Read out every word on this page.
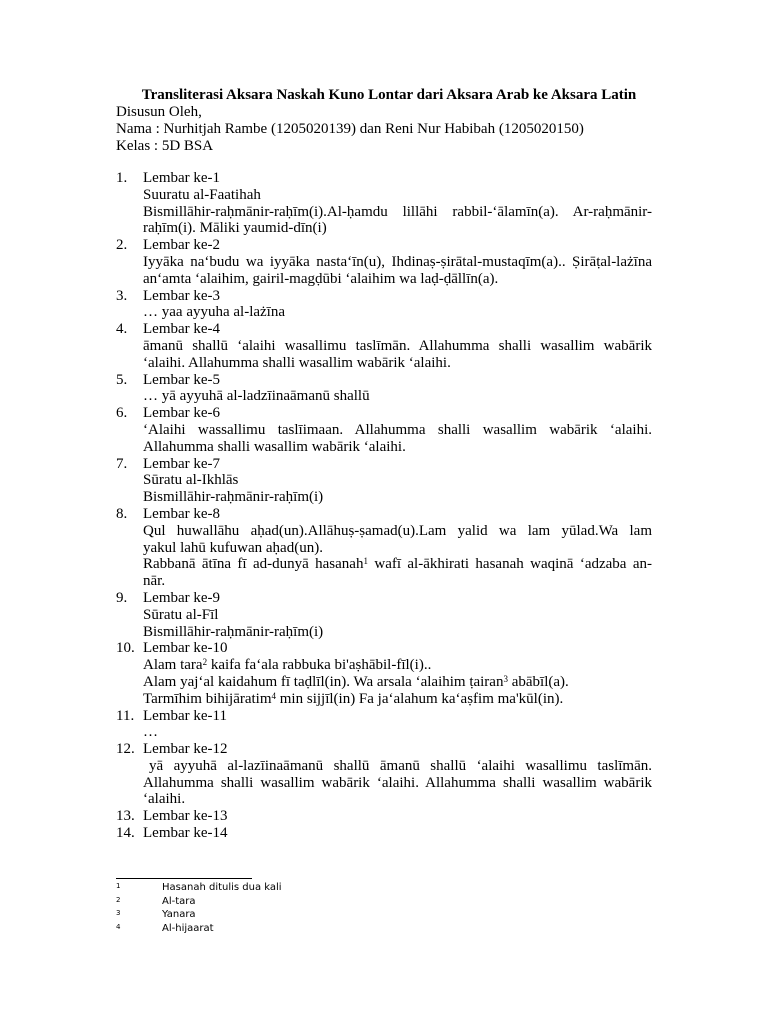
Transliterasi Aksara Naskah Kuno Lontar dari Aksara Arab ke Aksara Latin
Disusun Oleh,
Nama : Nurhitjah Rambe (1205020139) dan Reni Nur Habibah (1205020150)
Kelas : 5D BSA
1.	Lembar ke-1
Suuratu al-Faatihah
Bismillāhir-raḥmānir-raḥīm(i).Al-ḥamdu lillāhi rabbil-‘ālamīn(a). Ar-raḥmānir-
raḥīm(i). Māliki yaumid-dīn(i)
2.	Lembar ke-2
Iyyāka na‘budu wa iyyāka nasta‘īn(u), Ihdinaṣ-ṣirātal-mustaqīm(a).. Ṣirāṭal-lażīna
an‘amta ‘alaihim, gairil-magḍūbi ‘alaihim wa laḍ-ḍāllīn(a).
3.	Lembar ke-3
… yaa ayyuha al-lażīna
4.	Lembar ke-4
āmanū shallū ‘alaihi wasallimu taslīmān. Allahumma shalli wasallim wabārik
‘alaihi. Allahumma shalli wasallim wabārik ‘alaihi.
5.	Lembar ke-5
… yā ayyuhā al-ladzīinaāmanū shallū
6.	Lembar ke-6
‘Alaihi wassallimu taslīimaan. Allahumma shalli wasallim wabārik ‘alaihi.
Allahumma shalli wasallim wabārik ‘alaihi.
7.	Lembar ke-7
Sūratu al-Ikhlās
Bismillāhir-raḥmānir-raḥīm(i)
8.	Lembar ke-8
Qul huwallāhu aḥad(un).Allāhuṣ-ṣamad(u).Lam yalid wa lam yūlad.Wa lam
yakul lahū kufuwan aḥad(un).
Rabbanā ātīna fī ad-dunyā hasanah$^1$ wafī al-ākhirati hasanah waqinā ‘adzaba an-
nār.
9.	Lembar ke-9
Sūratu al-Fīl
Bismillāhir-raḥmānir-raḥīm(i)
10. Lembar ke-10
Alam tara$^2$ kaifa fa‘ala rabbuka bi'aṣhābil-fīl(i)..
Alam yaj‘al kaidahum fī taḍlīl(in). Wa arsala ‘alaihim ṭairan$^3$ abābīl(a).
Tarmīhim bihijāratim$^4$ min sijjīl(in) Fa ja‘alahum ka‘aṣfim ma'kūl(in).
11. Lembar ke-11
…
12. Lembar ke-12
yā ayyuhā al-lazīinaāmanū shallū āmanū shallū ‘alaihi wasallimu taslīmān.
Allahumma shalli wasallim wabārik ‘alaihi. Allahumma shalli wasallim wabārik
‘alaihi.
13. Lembar ke-13
14. Lembar ke-14
1	Hasanah ditulis dua kali
2	Al-tara
3	Yanara
4	Al-hijaarat
